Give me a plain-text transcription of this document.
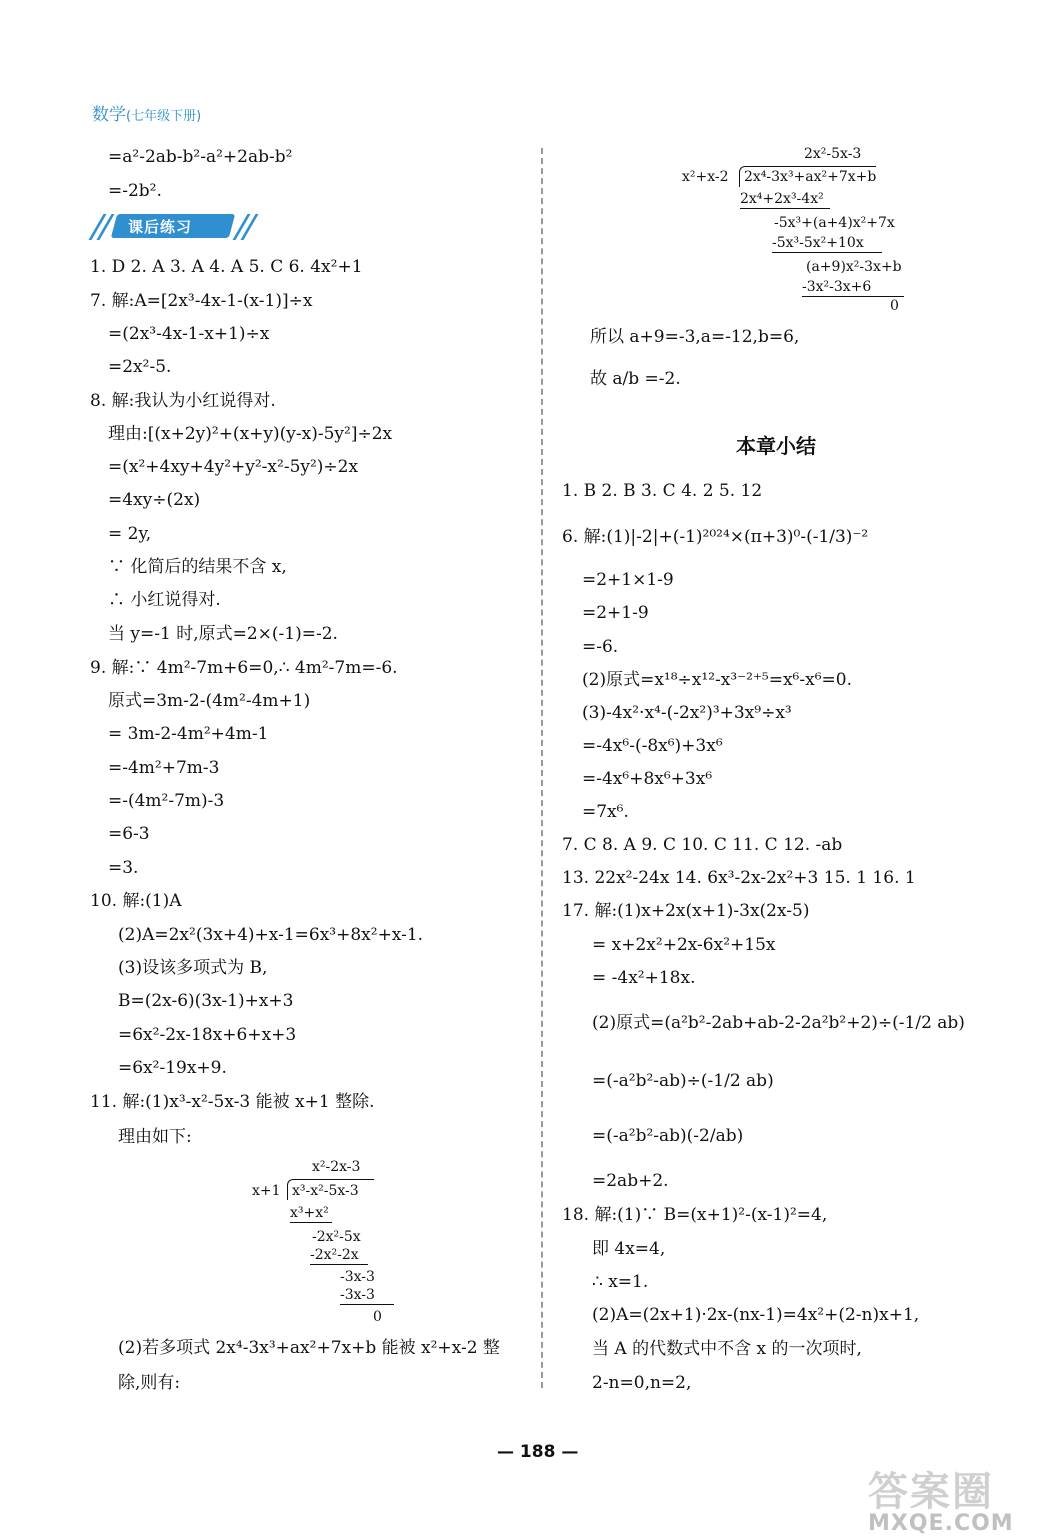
数学(七年级下册)
=a²-2ab-b²-a²+2ab-b²
=-2b².
课后练习
1. D 2. A 3. A 4. A 5. C 6. 4x²+1
7. 解:A=[2x³-4x-1-(x-1)]÷x
=(2x³-4x-1-x+1)÷x
=2x²-5.
8. 解:我认为小红说得对.
理由:[(x+2y)²+(x+y)(y-x)-5y²]÷2x
=(x²+4xy+4y²+y²-x²-5y²)÷2x
=4xy÷(2x)
= 2y,
∵ 化简后的结果不含 x,
∴ 小红说得对.
当 y=-1 时,原式=2×(-1)=-2.
9. 解:∵ 4m²-7m+6=0,∴ 4m²-7m=-6.
原式=3m-2-(4m²-4m+1)
= 3m-2-4m²+4m-1
=-4m²+7m-3
=-(4m²-7m)-3
=6-3
=3.
10. 解:(1)A
(2)A=2x²(3x+4)+x-1=6x³+8x²+x-1.
(3)设该多项式为 B,
B=(2x-6)(3x-1)+x+3
=6x²-2x-18x+6+x+3
=6x²-19x+9.
11. 解:(1)x³-x²-5x-3 能被 x+1 整除.
理由如下:
x²-2x-3
x+1 x³-x²-5x-3
x³+x²
-2x²-5x
-2x²-2x
-3x-3
-3x-3
0
(2)若多项式 2x⁴-3x³+ax²+7x+b 能被 x²+x-2 整
除,则有:
2x²-5x-3
x²+x-2 2x⁴-3x³+ax²+7x+b
2x⁴+2x³-4x²
-5x³+(a+4)x²+7x
-5x³-5x²+10x
(a+9)x²-3x+b
-3x²-3x+6
0
所以 a+9=-3,a=-12,b=6,
故 a/b =-2.
本章小结
1. B 2. B 3. C 4. 2 5. 12
6. 解:(1)|-2|+(-1)²⁰²⁴×(π+3)⁰-(-1/3)⁻²
=2+1×1-9
=2+1-9
=-6.
(2)原式=x¹⁸÷x¹²-x³⁻²⁺⁵=x⁶-x⁶=0.
(3)-4x²·x⁴-(-2x²)³+3x⁹÷x³
=-4x⁶-(-8x⁶)+3x⁶
=-4x⁶+8x⁶+3x⁶
=7x⁶.
7. C 8. A 9. C 10. C 11. C 12. -ab
13. 22x²-24x 14. 6x³-2x-2x²+3 15. 1 16. 1
17. 解:(1)x+2x(x+1)-3x(2x-5)
= x+2x²+2x-6x²+15x
= -4x²+18x.
(2)原式=(a²b²-2ab+ab-2-2a²b²+2)÷(-1/2 ab)
=(-a²b²-ab)÷(-1/2 ab)
=(-a²b²-ab)(-2/ab)
=2ab+2.
18. 解:(1)∵ B=(x+1)²-(x-1)²=4,
即 4x=4,
∴ x=1.
(2)A=(2x+1)·2x-(nx-1)=4x²+(2-n)x+1,
当 A 的代数式中不含 x 的一次项时,
2-n=0,n=2,
— 188 —
答案圈
MXQE.COM
